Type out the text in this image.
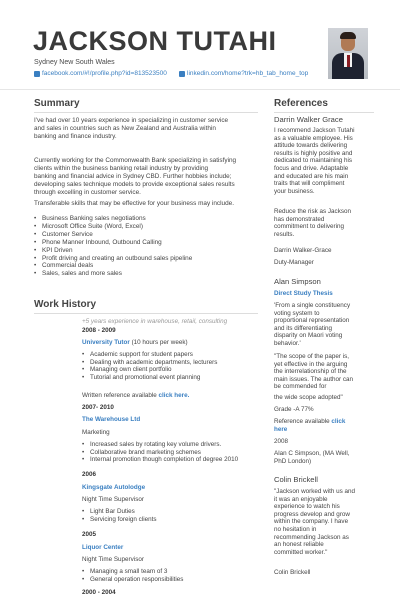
JACKSON TUTAHI
Sydney New South Wales
facebook.com/#!/profile.php?id=813523500	linkedin.com/home?trk=hb_tab_home_top
Summary
I've had over 10 years experience in specializing in customer service
and sales in countries such as New Zealand and Australia within
banking and finance industry.
Currently working for the Commonwealth Bank specializing in satisfying
clients within the business banking retail industry by providing
banking and financial advice in Sydney CBD. Further hobbies include;
developing sales technique models to provide exceptional sales results
through excelling in customer service.
Transferable skills that may be effective for your business may include.
• Business Banking sales negotiations
• Microsoft Office Suite (Word, Excel)
• Customer Service
• Phone Manner Inbound, Outbound Calling
• KPI Driven
• Profit driving and creating an outbound sales pipeline
• Commercial deals
• Sales, sales and more sales
Work History
+5 years experience in warehouse, retail, consulting
2008 - 2009
University Tutor (10 hours per week)
• Academic support for student papers
• Dealing with academic departments, lecturers
• Managing own client portfolio
• Tutorial and promotional event planning
Written reference available click here.
2007- 2010
The Warehouse Ltd
Marketing
• Increased sales by rotating key volume drivers.
• Collaborative brand marketing schemes
• Internal promotion though completion of degree 2010
2006
Kingsgate Autolodge
Night Time Supervisor
• Light Bar Duties
• Servicing foreign clients
2005
Liquor Center
Night Time Supervisor
• Managing a small team of 3
• General operation responsibilities
2000 - 2004
References
Darrin Walker Grace
I recommend Jackson Tutahi
as a valuable employee. His
attitude towards delivering
results is highly positive and
dedicated to maintaining his
focus and drive. Adaptable
and educated are his main
traits that will compliment
your business.
Reduce the risk as Jackson
has demonstrated
commitment to delivering
results.
Darrin Walker-Grace
Duty-Manager
Alan Simpson
Direct Study Thesis
'From a single constituency
voting system to
proportional representation
and its differentiating
disparity on Maori voting
behavior.'
"The scope of the paper is,
yet effective in the arguing
the interrelationship of the
main issues. The author can
be commended for
the wide scope adopted"
Grade -A 77%
Reference available click
here
2008
Alan C Simpson, (MA Well,
PhD London)
Colin Brickell
"Jackson worked with us and
it was an enjoyable
experience to watch his
progress develop and grow
within the company. I have
no hesitation in
recommending Jackson as
an honest reliable
committed worker."
Colin Brickell
